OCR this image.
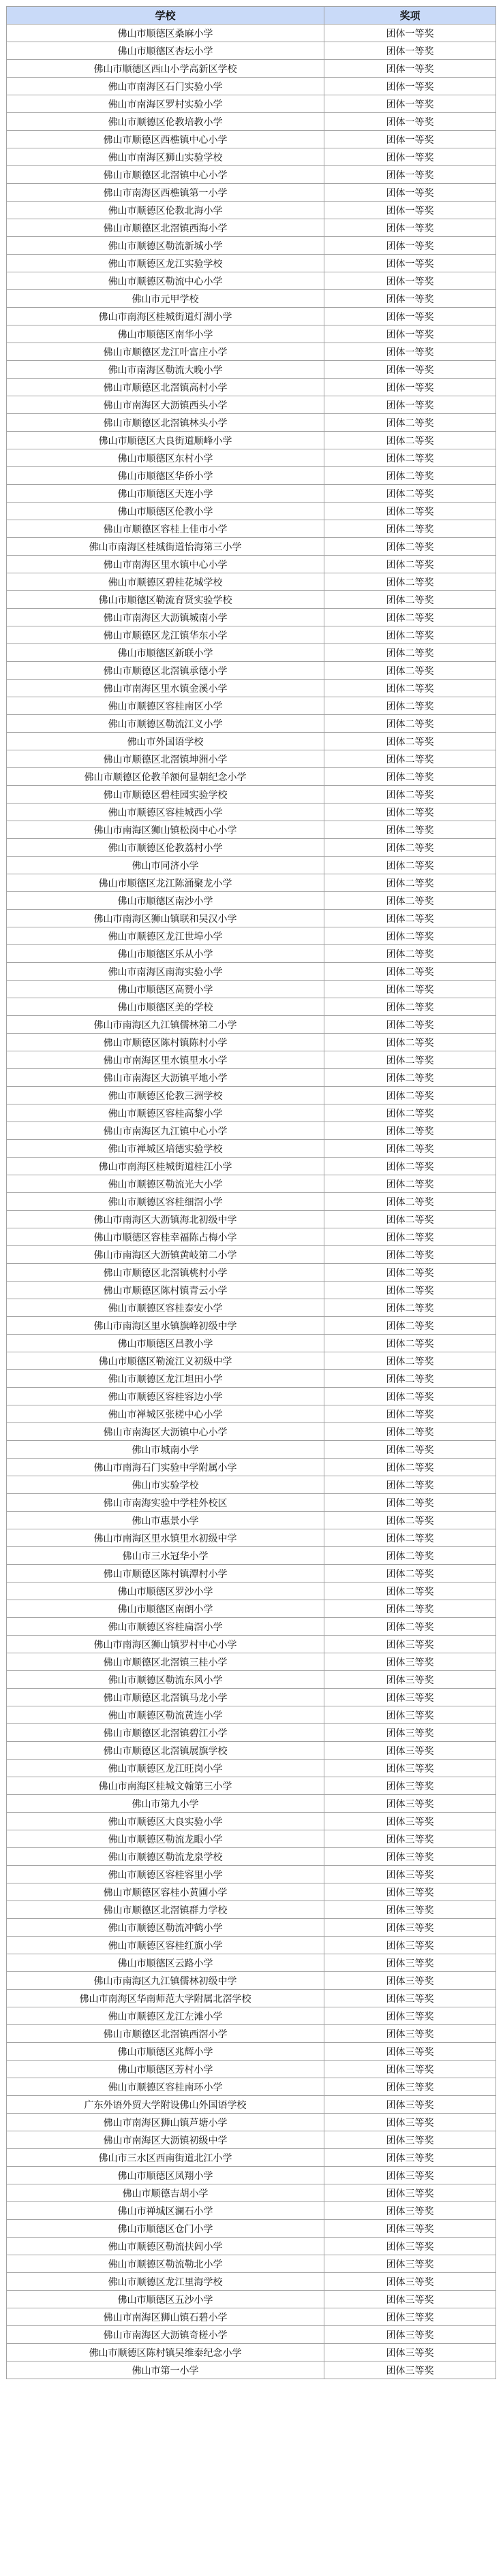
学校	奖项
佛山市顺德区桑麻小学	团体一等奖
佛山市顺德区杏坛小学	团体一等奖
佛山市顺德区西山小学高新区学校	团体一等奖
佛山市南海区石门实验小学	团体一等奖
佛山市南海区罗村实验小学	团体一等奖
佛山市顺德区伦教培教小学	团体一等奖
佛山市顺德区西樵镇中心小学	团体一等奖
佛山市南海区狮山实验学校	团体一等奖
佛山市顺德区北滘镇中心小学	团体一等奖
佛山市南海区西樵镇第一小学	团体一等奖
佛山市顺德区伦教北海小学	团体一等奖
佛山市顺德区北滘镇西海小学	团体一等奖
佛山市顺德区勒流新城小学	团体一等奖
佛山市顺德区龙江实验学校	团体一等奖
佛山市顺德区勒流中心小学	团体一等奖
佛山市元甲学校	团体一等奖
佛山市南海区桂城街道灯湖小学	团体一等奖
佛山市顺德区南华小学	团体一等奖
佛山市顺德区龙江叶富庄小学	团体一等奖
佛山市南海区勒流大晚小学	团体一等奖
佛山市顺德区北滘镇高村小学	团体一等奖
佛山市南海区大沥镇西头小学	团体一等奖
佛山市顺德区北滘镇林头小学	团体二等奖
佛山市顺德区大良街道顺峰小学	团体二等奖
佛山市顺德区东村小学	团体二等奖
佛山市顺德区华侨小学	团体二等奖
佛山市顺德区天连小学	团体二等奖
佛山市顺德区伦教小学	团体二等奖
佛山市顺德区容桂上佳市小学	团体二等奖
佛山市南海区桂城街道怡海第三小学	团体二等奖
佛山市南海区里水镇中心小学	团体二等奖
佛山市顺德区碧桂花城学校	团体二等奖
佛山市顺德区勒流育贤实验学校	团体二等奖
佛山市南海区大沥镇城南小学	团体二等奖
佛山市顺德区龙江镇华东小学	团体二等奖
佛山市顺德区新联小学	团体二等奖
佛山市顺德区北滘镇承德小学	团体二等奖
佛山市南海区里水镇金溪小学	团体二等奖
佛山市顺德区容桂南区小学	团体二等奖
佛山市顺德区勒流江义小学	团体二等奖
佛山市外国语学校	团体二等奖
佛山市顺德区北滘镇坤洲小学	团体二等奖
佛山市顺德区伦教羊额何显朝纪念小学	团体二等奖
佛山市顺德区碧桂园实验学校	团体二等奖
佛山市顺德区容桂城西小学	团体二等奖
佛山市南海区狮山镇松岗中心小学	团体二等奖
佛山市顺德区伦教荔村小学	团体二等奖
佛山市同济小学	团体二等奖
佛山市顺德区龙江陈涌聚龙小学	团体二等奖
佛山市顺德区南沙小学	团体二等奖
佛山市南海区狮山镇联和吴汉小学	团体二等奖
佛山市顺德区龙江世埠小学	团体二等奖
佛山市顺德区乐从小学	团体二等奖
佛山市南海区南海实验小学	团体二等奖
佛山市顺德区高赞小学	团体二等奖
佛山市顺德区美的学校	团体二等奖
佛山市南海区九江镇儒林第二小学	团体二等奖
佛山市顺德区陈村镇陈村小学	团体二等奖
佛山市南海区里水镇里水小学	团体二等奖
佛山市南海区大沥镇平地小学	团体二等奖
佛山市顺德区伦教三洲学校	团体二等奖
佛山市顺德区容桂高黎小学	团体二等奖
佛山市南海区九江镇中心小学	团体二等奖
佛山市禅城区培德实验学校	团体二等奖
佛山市南海区桂城街道桂江小学	团体二等奖
佛山市顺德区勒流光大小学	团体二等奖
佛山市顺德区容桂细滘小学	团体二等奖
佛山市南海区大沥镇海北初级中学	团体二等奖
佛山市顺德区容桂幸福陈占梅小学	团体二等奖
佛山市南海区大沥镇黄岐第二小学	团体二等奖
佛山市顺德区北滘镇桃村小学	团体二等奖
佛山市顺德区陈村镇青云小学	团体二等奖
佛山市顺德区容桂泰安小学	团体二等奖
佛山市南海区里水镇旗峰初级中学	团体二等奖
佛山市顺德区昌教小学	团体二等奖
佛山市顺德区勒流江义初级中学	团体二等奖
佛山市顺德区龙江坦田小学	团体二等奖
佛山市顺德区容桂容边小学	团体二等奖
佛山市禅城区张槎中心小学	团体二等奖
佛山市南海区大沥镇中心小学	团体二等奖
佛山市城南小学	团体二等奖
佛山市南海石门实验中学附属小学	团体二等奖
佛山市实验学校	团体二等奖
佛山市南海实验中学桂外校区	团体二等奖
佛山市惠景小学	团体二等奖
佛山市南海区里水镇里水初级中学	团体二等奖
佛山市三水冠华小学	团体二等奖
佛山市顺德区陈村镇潭村小学	团体二等奖
佛山市顺德区罗沙小学	团体二等奖
佛山市顺德区南朗小学	团体二等奖
佛山市顺德区容桂扁滘小学	团体二等奖
佛山市南海区狮山镇罗村中心小学	团体三等奖
佛山市顺德区北滘镇三桂小学	团体三等奖
佛山市顺德区勒流东风小学	团体三等奖
佛山市顺德区北滘镇马龙小学	团体三等奖
佛山市顺德区勒流黄连小学	团体三等奖
佛山市顺德区北滘镇碧江小学	团体三等奖
佛山市顺德区北滘镇展旗学校	团体三等奖
佛山市顺德区龙江旺岗小学	团体三等奖
佛山市南海区桂城文翰第三小学	团体三等奖
佛山市第九小学	团体三等奖
佛山市顺德区大良实验小学	团体三等奖
佛山市顺德区勒流龙眼小学	团体三等奖
佛山市顺德区勒流龙泉学校	团体三等奖
佛山市顺德区容桂容里小学	团体三等奖
佛山市顺德区容桂小黄圃小学	团体三等奖
佛山市顺德区北滘镇群力学校	团体三等奖
佛山市顺德区勒流冲鹤小学	团体三等奖
佛山市顺德区容桂红旗小学	团体三等奖
佛山市顺德区云路小学	团体三等奖
佛山市南海区九江镇儒林初级中学	团体三等奖
佛山市南海区华南师范大学附属北滘学校	团体三等奖
佛山市顺德区龙江左滩小学	团体三等奖
佛山市顺德区北滘镇西滘小学	团体三等奖
佛山市顺德区兆辉小学	团体三等奖
佛山市顺德区芳村小学	团体三等奖
佛山市顺德区容桂南环小学	团体三等奖
广东外语外贸大学附设佛山外国语学校	团体三等奖
佛山市南海区狮山镇芦塘小学	团体三等奖
佛山市南海区大沥镇初级中学	团体三等奖
佛山市三水区西南街道北江小学	团体三等奖
佛山市顺德区凤翔小学	团体三等奖
佛山市顺德吉胡小学	团体三等奖
佛山市禅城区澜石小学	团体三等奖
佛山市顺德区仓门小学	团体三等奖
佛山市顺德区勒流扶闾小学	团体三等奖
佛山市顺德区勒流勒北小学	团体三等奖
佛山市顺德区龙江里海学校	团体三等奖
佛山市顺德区五沙小学	团体三等奖
佛山市南海区狮山镇石碧小学	团体三等奖
佛山市南海区大沥镇奇槎小学	团体三等奖
佛山市顺德区陈村镇吴维泰纪念小学	团体三等奖
佛山市第一小学	团体三等奖
